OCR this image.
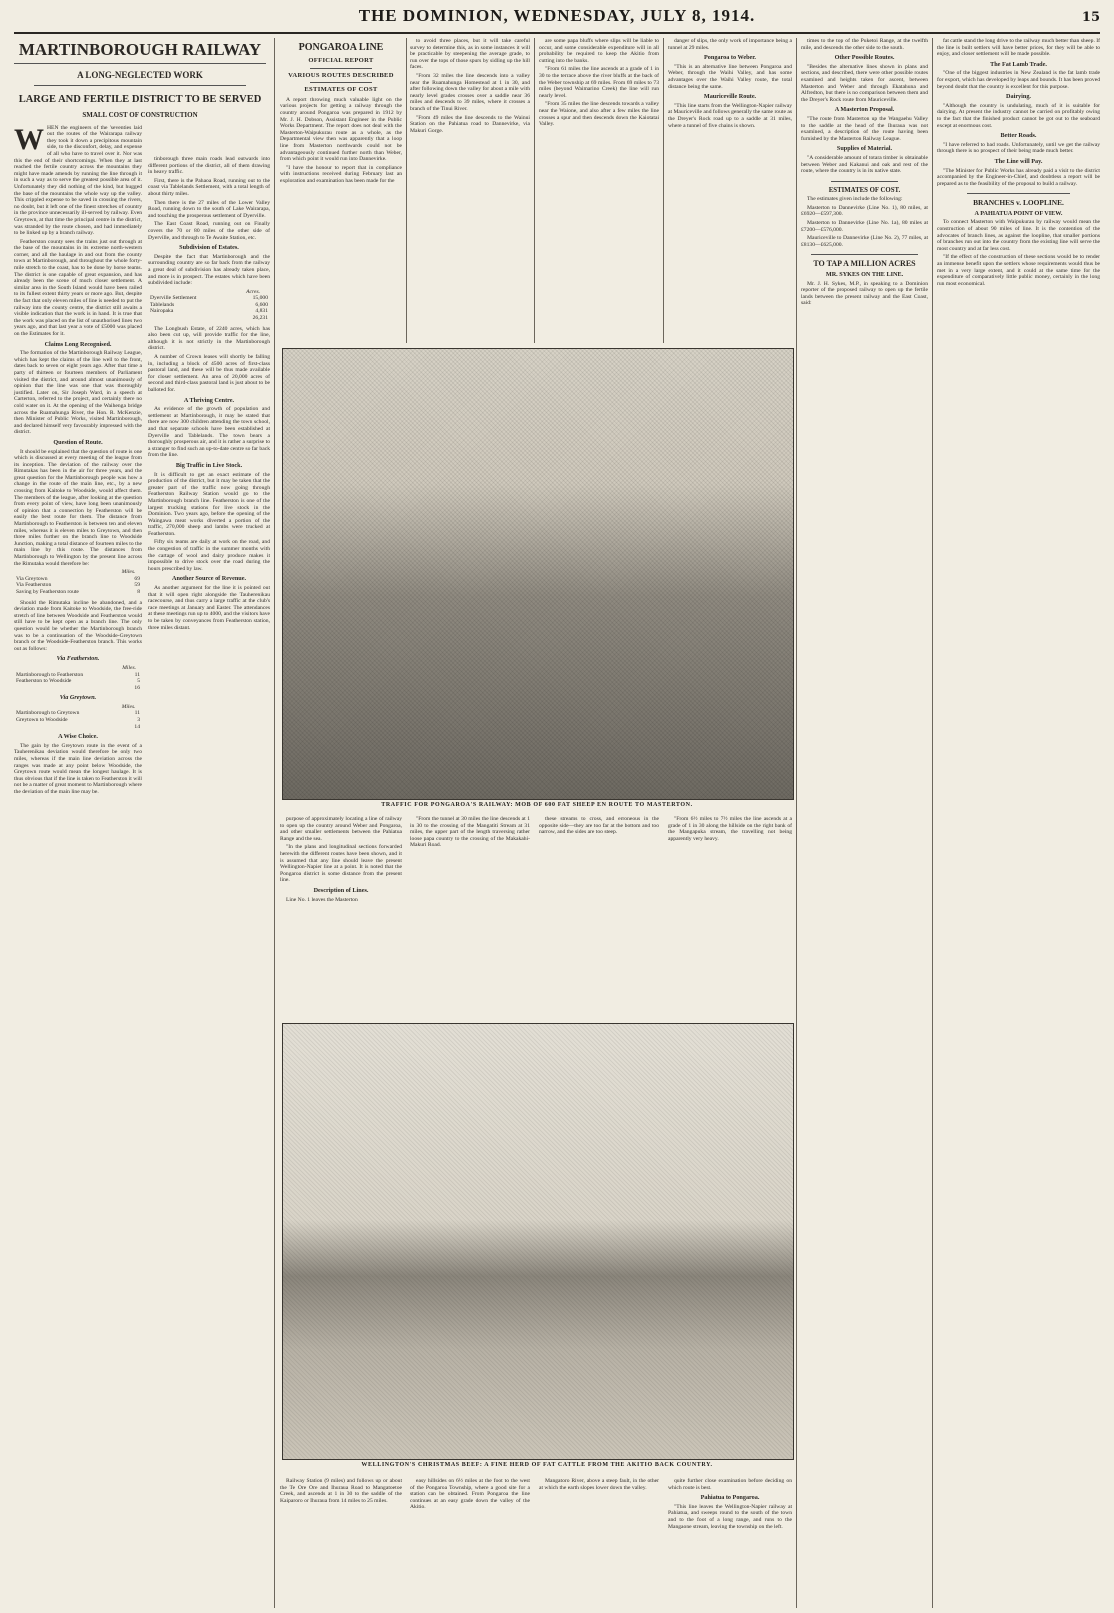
THE DOMINION, WEDNESDAY, JULY 8, 1914.	15
MARTINBOROUGH RAILWAY
A LONG-NEGLECTED WORK
LARGE AND FERTILE DISTRICT TO BE SERVED
SMALL COST OF CONSTRUCTION

WHEN the engineers of the 'seventies laid out the routes of the Wairarapa railway they took it down a precipitous mountain side, to the disconfort, delay, and expense of all who have to travel over it. Nor was this the end of their shortcomings. When they at last reached the fertile country across the mountains they might have made amends by running the line through it in such a way as to serve the greatest possible area of it. Unfortunately they did nothing of the kind, but hugged the base of the mountains the whole way up the valley. This crippled expense to be saved in crossing the rivers, no doubt, but it left one of the finest stretches of country in the province unnecessarily ill-served by railway. Even Greytown, at that time the principal centre in the district, was stranded by the route chosen, and had immediately to be linked up by a branch railway.

Featherston county sees the trains just out through at the base of the mountains in its extreme north-western corner, and all the haulage in and out from the county town at Martinborough, and throughout the whole forty-mile stretch to the coast, has to be done by horse teams. The district is one capable of great expansion, and has already been the scene of much closer settlement. A similar area in the South Island would have been railed to its fullest extent thirty years or more ago. But, despite the fact that only eleven miles of line is needed to put the railway into the county centre, the district still awaits a visible indication that the work is in hand. It is true that the work was placed on the list of unauthorised lines two years ago, and that last year a vote of £5000 was placed on the Estimates for it.

Claims Long Recognised.

The formation of the Martinborough Railway League, which has kept the claims of the line well to the front, dates back to seven or eight years ago. After that time a party of thirteen or fourteen members of Parliament visited the district, and around almost unanimously of opinion that the line was one that was thoroughly justified. Later on, Sir Joseph Ward, in a speech at Carterton, referred to the project, and certainly there no cold water on it. At the opening of the Waihenga bridge across the Ruamahunga River, the Hon. R. McKenzie, then Minister of Public Works, visited Martinborough, and declared himself very favourably impressed with the district.

Question of Route.

It should be explained that the question of route is one which is discussed at every meeting of the league from its inception. The deviation of the railway over the Rimutakas has been in the air for three years, and the great question for the Martinborough people was how a change in the route of the main line, etc., by a new crossing from Kaitoke to Woodside, would affect them. The members of the league, after looking at the question from every point of view, have long been unanimously of opinion that a connection by Featherston will be easily the best route for them. The distance from Martinborough to Featherston is between ten and eleven miles, whereas it is eleven miles to Greytown, and then three miles further on the branch line to Woodside Junction, making a total distance of fourteen miles to the main line by this route. The distances from Martinborough to Wellington by the present line across the Rimutaka would therefore be:

	Miles.
Via Greytown	69
Via Featherston	59
Saving by Featherston route	8

Should the Rimutaka incline be abandoned, and a deviation made from Kaitoke to Woodside, the free-ride stretch of line between Woodside and Featherston would still have to be kept open as a branch line. The only question would be whether the Martinborough branch was to be a continuation of the Woodside-Greytown branch or the Woodside-Featherston branch. This works out as follows:

Via Featherston.
	Miles.
Martinborough to Featherston	11
Featherston to Woodside	5
	16
Via Greytown.
	Miles.
Martinborough to Greytown	11
Greytown to Woodside	3
	14
A Wise Choice.

The gain by the Greytown route in the event of a Tauherenikau deviation would therefore be only two miles, whereas if the main line deviation across the ranges was made at any point below Woodside, the Greytown route would mean the longest haulage. It is thus obvious that if the line is taken to Featherston it will not be a matter of great moment to Martinborough where the deviation of the main line may be.

tinborough three main roads lead outwards into different portions of the district, all of them drawing in heavy traffic.

First, there is the Pahaoa Road, running out to the coast via Tablelands Settlement, with a total length of about thirty miles.

Then there is the 27 miles of the Lower Valley Road, running down to the south of Lake Wairarapa, and touching the prosperous settlement of Dyerville.

The East Coast Road, running out on Finally covers the 70 or 80 miles of the other side of Dyerville, and through to Te Awaite Station, etc.

Subdivision of Estates.

Despite the fact that Martinborough and the surrounding country are so far back from the railway a great deal of subdivision has already taken place, and more is in prospect. The estates which have been subdivided include:

	Acres.
Dyerville Settlement	15,000
Tablelands	6,600
Nairopaka	4,831
	26,231

The Longbush Estate, of 2240 acres, which has also been cut up, will provide traffic for the line, although it is not strictly in the Martinborough district.

A number of Crown leases will shortly be falling in, including a block of 4500 acres of first-class pastoral land, and these will be thus made available for closer settlement. An area of 20,000 acres of second and third-class pastoral land is just about to be balloted for.

A Thriving Centre.

As evidence of the growth of population and settlement at Martinborough, it may be stated that there are now 300 children attending the town school, and that separate schools have been established at Dyerville and Tablelands. The town bears a thoroughly prosperous air, and it is rather a surprise to a stranger to find such an up-to-date centre so far back from the line.

Big Traffic in Live Stock.

It is difficult to get an exact estimate of the production of the district, but it may be taken that the greater part of the traffic now going through Featherston Railway Station would go to the Martinborough branch line. Featherston is one of the largest trucking stations for live stock in the Dominion. Two years ago, before the opening of the Waingawa meat works diverted a portion of the traffic, 270,000 sheep and lambs were trucked at Featherston.

Fifty six teams are daily at work on the road, and the congestion of traffic in the summer months with the cartage of wool and dairy produce makes it impossible to drive stock over the road during the hours prescribed by law.

Another Source of Revenue.

As another argument for the line it is pointed out that it will open right alongside the Tauherenikau racecourse, and thus carry a large traffic at the club's race meetings at January and Easter. The attendances at these meetings run up to 4000, and the visitors have to be taken by conveyances from Featherston station, three miles distant.

PONGAROA LINE
OFFICIAL REPORT
VARIOUS ROUTES DESCRIBED
ESTIMATES OF COST

A report throwing much valuable light on the various projects for getting a railway through the country around Pongaroa was prepared in 1912 by Mr. J. H. Dobson, Assistant Engineer in the Public Works Department. The report does not deal with the Masterton-Waipukurau route as a whole, as the Departmental view then was apparently that a loop line from Masterton northwards could not be advantageously continued further north than Weber, from which point it would run into Dannevirke.

"I have the honour to report that in compliance with instructions received during February last an exploration and examination has been made for the

to avoid three places, but it will take careful survey to determine this, as in some instances it will be practicable by steepening the average grade, to run over the tops of those spurs by sidling up the hill faces.

"From 32 miles the line descends into a valley near the Ruamahunga Homestead at 1 in 30, and after following down the valley for about a mile with nearly level grades crosses over a saddle near 36 miles and descends to 39 miles, where it crosses a branch of the Tinui River.

"From 49 miles the line descends to the Wainui Station on the Pahiatua road to Dannevirke, via Makuri Gorge.

are some papa bluffs where slips will be liable to occur, and some considerable expenditure will in all probability be required to keep the Akitio from cutting into the banks.

"From 61 miles the line ascends at a grade of 1 in 30 to the terrace above the river bluffs at the back of the Weber township at 69 miles. From 69 miles to 73 miles (beyond Waimarino Creek) the line will run nearly level.

"From 35 miles the line descends towards a valley near the Waione, and also after a few miles the line crosses a spur and then descends down the Kaiotatai Valley.

danger of slips, the only work of importance being a tunnel at 29 miles.

Pongaroa to Weber.

"This is an alternative line between Pongaroa and Weber, through the Waihi Valley, and has some advantages over the Waihi Valley route, the total distance being the same.

Mauriceville Route.

"This line starts from the Wellington-Napier railway at Mauriceville and follows generally the same route as the Dreyer's Rock road up to a saddle at 31 miles, where a tunnel of five chains is shown.

TRAFFIC FOR PONGAROA'S RAILWAY: MOB OF 600 FAT SHEEP EN ROUTE TO MASTERTON.

purpose of approximately locating a line of railway to open up the country around Weber and Pongaroa, and other smaller settlements between the Pahiatua Range and the sea.

"In the plans and longitudinal sections forwarded herewith the different routes have been shown, and it is assumed that any line should leave the present Wellington-Napier line at a point. It is noted that the Pongaroa district is some distance from the present line.

Description of Lines.

Line No. 1 leaves the Masterton

"From the tunnel at 30 miles the line descends at 1 in 30 to the crossing of the Mangatiti Stream at 31 miles, the upper part of the length traversing rather loose papa country to the crossing of the Makakahi-Makuri Road.

these streams to cross, and erroneous in the opposite side—they are too far at the bottom and too narrow, and the sides are too steep.

"From 6½ miles to 7½ miles the line ascends at a grade of 1 in 30 along the hillside on the right bank of the Mangapuka stream, the travelling not being apparently very heavy.

WELLINGTON'S CHRISTMAS BEEF: A FINE HERD OF FAT CATTLE FROM THE AKITIO BACK COUNTRY.

Railway Station (9 miles) and follows up or about the Te Ore Ore and Ihuraua Road to Mangatoetoe Creek, and ascends at 1 in 30 to the saddle of the Kaiparoro or Ihuraua from 14 miles to 25 miles.

easy hillsides on 6½ miles at the foot to the west of the Pongaroa Township, where a good site for a station can be obtained. From Pongaroa the line continues at an easy grade down the valley of the Akitio.

Mangatoro River, above a steep fault, in the other at which the earth slopes lower down the valley.

quite further close examination before deciding on which route is best.

Pahiatua to Pongaroa.

"This line leaves the Wellington-Napier railway at Pahiatua, and sweeps round to the south of the town and to the foot of a long range, and runs to the Mangaone stream, leaving the township on the left.

times to the top of the Puketoi Range, at the twelfth mile, and descends the other side to the south.

Other Possible Routes.

"Besides the alternative lines shown in plans and sections, and described, there were other possible routes examined and heights taken for ascent, between Masterton and Weber and through Ekatahuna and Alfredton, but there is no comparison between them and the Dreyer's Rock route from Mauriceville.

A Masterton Proposal.

"The route from Masterton up the Wangaehu Valley to the saddle at the head of the Ihuraua was not examined, a description of the route having been furnished by the Masterton Railway League.

Supplies of Material.

"A considerable amount of totara timber is obtainable between Weber and Kakanui and oak and rest of the route, where the country is in its native state.

ESTIMATES OF COST.

The estimates given include the following:

Masterton to Dannevirke (Line No. 1), 80 miles, at £6920—£597,300.

Masterton to Dannevirke (Line No. 1a), 80 miles at £7200—£576,000.

Mauriceville to Dannevirke (Line No. 2), 77 miles, at £8130—£625,000.

TO TAP A MILLION ACRES
MR. SYKES ON THE LINE.

Mr. J. H. Sykes, M.P., in speaking to a Dominion reporter of the proposed railway to open up the fertile lands between the present railway and the East Coast, said:

fat cattle stand the long drive to the railway much better than sheep. If the line is built settlers will have better prices, for they will be able to enjoy, and closer settlement will be made possible.

The Fat Lamb Trade.

"One of the biggest industries in New Zealand is the fat lamb trade for export, which has developed by leaps and bounds. It has been proved beyond doubt that the country is excellent for this purpose.

Dairying.

"Although the country is undulating, much of it is suitable for dairying. At present the industry cannot be carried on profitably owing to the fact that the finished product cannot be got out to the seaboard except at enormous cost.

Better Roads.

"I have referred to bad roads. Unfortunately, until we get the railway through there is no prospect of their being made much better.

The Line will Pay.

"The Minister for Public Works has already paid a visit to the district accompanied by the Engineer-in-Chief, and doubtless a report will be prepared as to the feasibility of the proposal to build a railway.

BRANCHES v. LOOPLINE.
A PAHIATUA POINT OF VIEW.

To connect Masterton with Waipukurau by railway would mean the construction of about 90 miles of line. It is the contention of the advocates of branch lines, as against the loopline, that smaller portions of branches run out into the country from the existing line will serve the most country and at far less cost.

"If the effect of the construction of these sections would be to render an immense benefit upon the settlers whose requirements would thus be met in a very large extent, and it could at the same time for the expenditure of comparatively little public money, certainly in the long run most economical.
